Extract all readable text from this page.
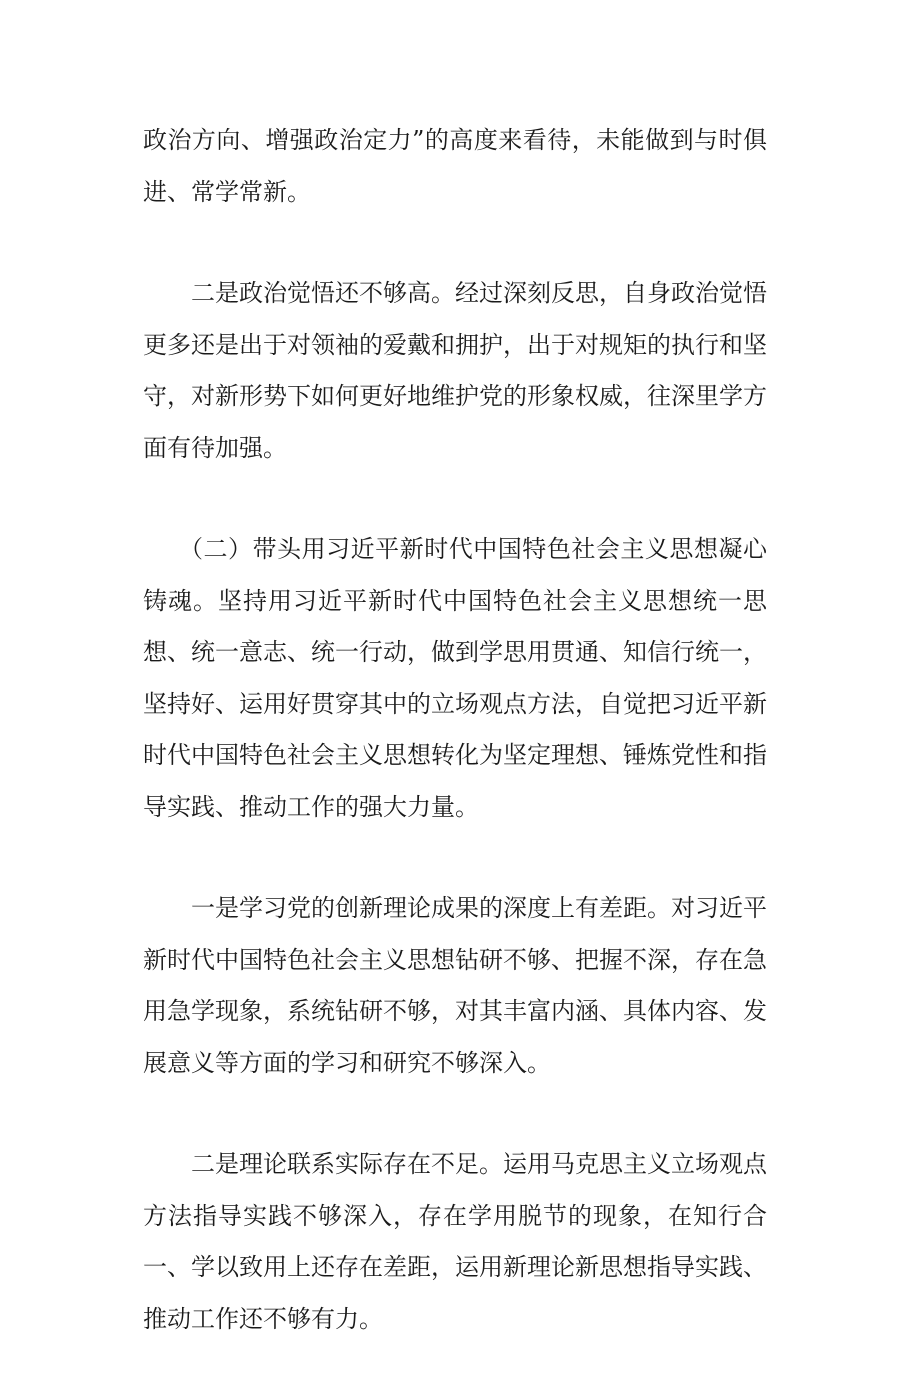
政治方向、增强政治定力”的高度来看待，未能做到与时俱进、常学常新。

二是政治觉悟还不够高。经过深刻反思，自身政治觉悟更多还是出于对领袖的爱戴和拥护，出于对规矩的执行和坚守，对新形势下如何更好地维护党的形象权威，往深里学方面有待加强。

（二）带头用习近平新时代中国特色社会主义思想凝心铸魂。坚持用习近平新时代中国特色社会主义思想统一思想、统一意志、统一行动，做到学思用贯通、知信行统一，坚持好、运用好贯穿其中的立场观点方法，自觉把习近平新时代中国特色社会主义思想转化为坚定理想、锤炼党性和指导实践、推动工作的强大力量。

一是学习党的创新理论成果的深度上有差距。对习近平新时代中国特色社会主义思想钻研不够、把握不深，存在急用急学现象，系统钻研不够，对其丰富内涵、具体内容、发展意义等方面的学习和研究不够深入。

二是理论联系实际存在不足。运用马克思主义立场观点方法指导实践不够深入，存在学用脱节的现象，在知行合一、学以致用上还存在差距，运用新理论新思想指导实践、推动工作还不够有力。
